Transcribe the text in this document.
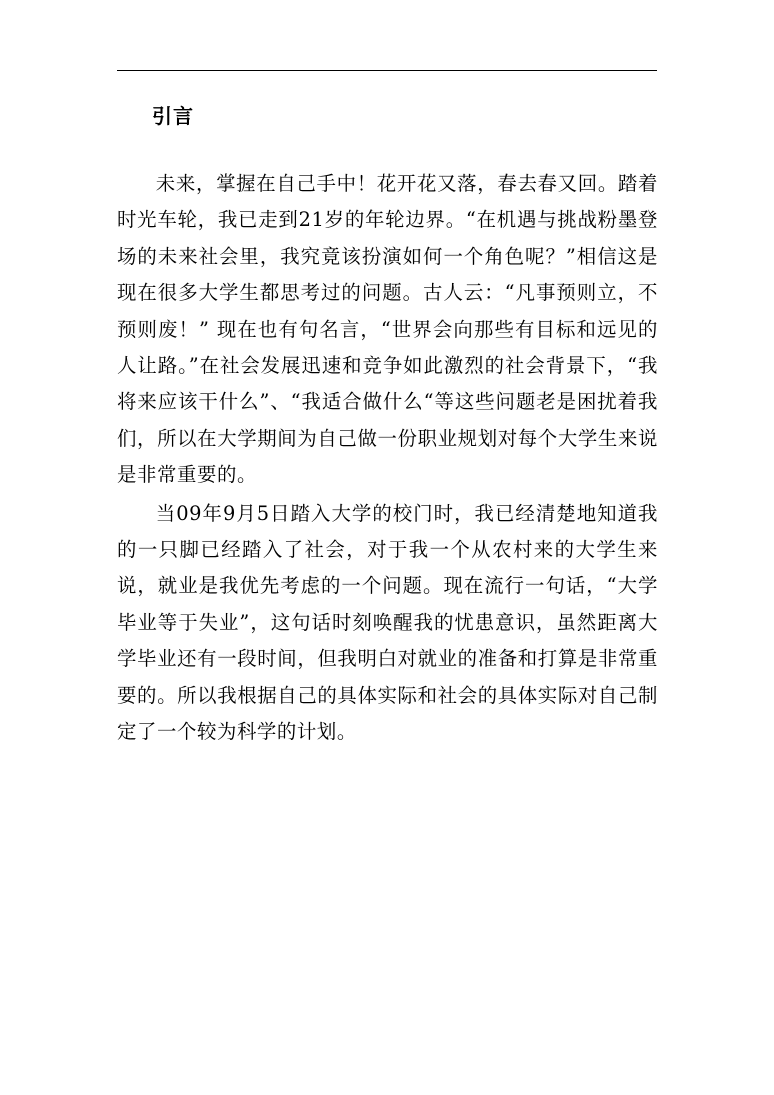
引言

未来，掌握在自己手中！花开花又落，春去春又回。踏着时光车轮，我已走到21岁的年轮边界。“在机遇与挑战粉墨登场的未来社会里，我究竟该扮演如何一个角色呢？”相信这是现在很多大学生都思考过的问题。古人云：“凡事预则立，不预则废！” 现在也有句名言，“世界会向那些有目标和远见的人让路。”在社会发展迅速和竞争如此激烈的社会背景下，“我将来应该干什么”、“我适合做什么“等这些问题老是困扰着我们，所以在大学期间为自己做一份职业规划对每个大学生来说是非常重要的。

当09年9月5日踏入大学的校门时，我已经清楚地知道我的一只脚已经踏入了社会，对于我一个从农村来的大学生来说，就业是我优先考虑的一个问题。现在流行一句话，“大学毕业等于失业”，这句话时刻唤醒我的忧患意识，虽然距离大学毕业还有一段时间，但我明白对就业的准备和打算是非常重要的。所以我根据自己的具体实际和社会的具体实际对自己制定了一个较为科学的计划。
